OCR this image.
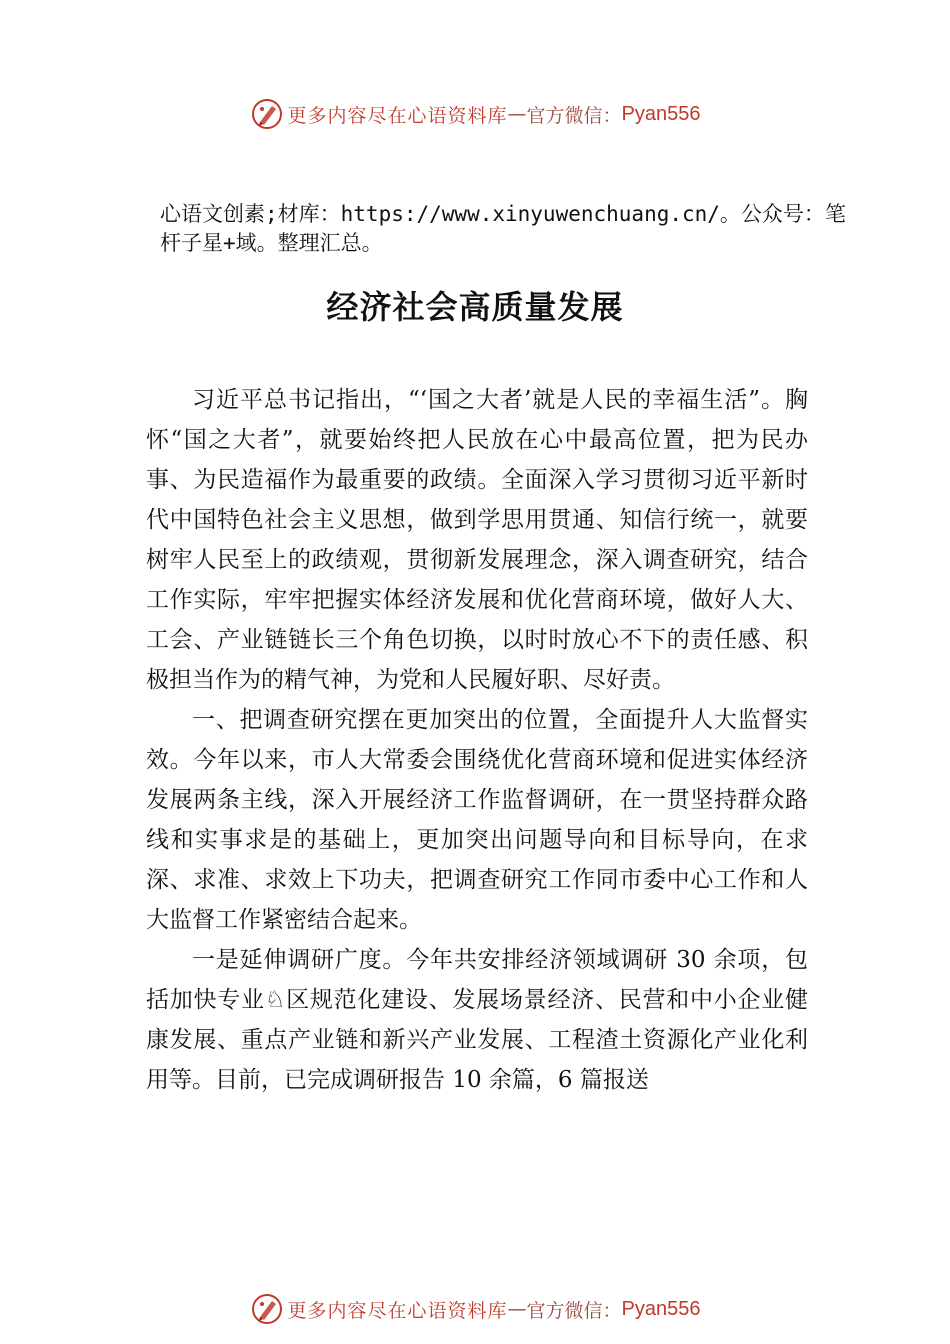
更多内容尽在心语资料库 — 官方微信： Pyan556
心语文创素;材库：https://www.xinyuwenchuang.cn/。公众号：笔杆子星+域。整理汇总。
经济社会高质量发展

习近平总书记指出，“‘国之大者’就是人民的幸福生活”。胸怀“国之大者”，就要始终把人民放在心中最高位置，把为民办事、为民造福作为最重要的政绩。全面深入学习贯彻习近平新时代中国特色社会主义思想，做到学思用贯通、知信行统一，就要树牢人民至上的政绩观，贯彻新发展理念，深入调查研究，结合工作实际，牢牢把握实体经济发展和优化营商环境，做好人大、工会、产业链链长三个角色切换，以时时放心不下的责任感、积极担当作为的精气神，为党和人民履好职、尽好责。

一、把调查研究摆在更加突出的位置，全面提升人大监督实效。今年以来，市人大常委会围绕优化营商环境和促进实体经济发展两条主线，深入开展经济工作监督调研，在一贯坚持群众路线和实事求是的基础上，更加突出问题导向和目标导向，在求深、求准、求效上下功夫，把调查研究工作同市委中心工作和人大监督工作紧密结合起来。

一是延伸调研广度。今年共安排经济领域调研 30 余项，包括加快专业♘区规范化建设、发展场景经济、民营和中小企业健康发展、重点产业链和新兴产业发展、工程渣土资源化产业化利用等。目前，已完成调研报告 10 余篇，6 篇报送

更多内容尽在心语资料库 — 官方微信： Pyan556
